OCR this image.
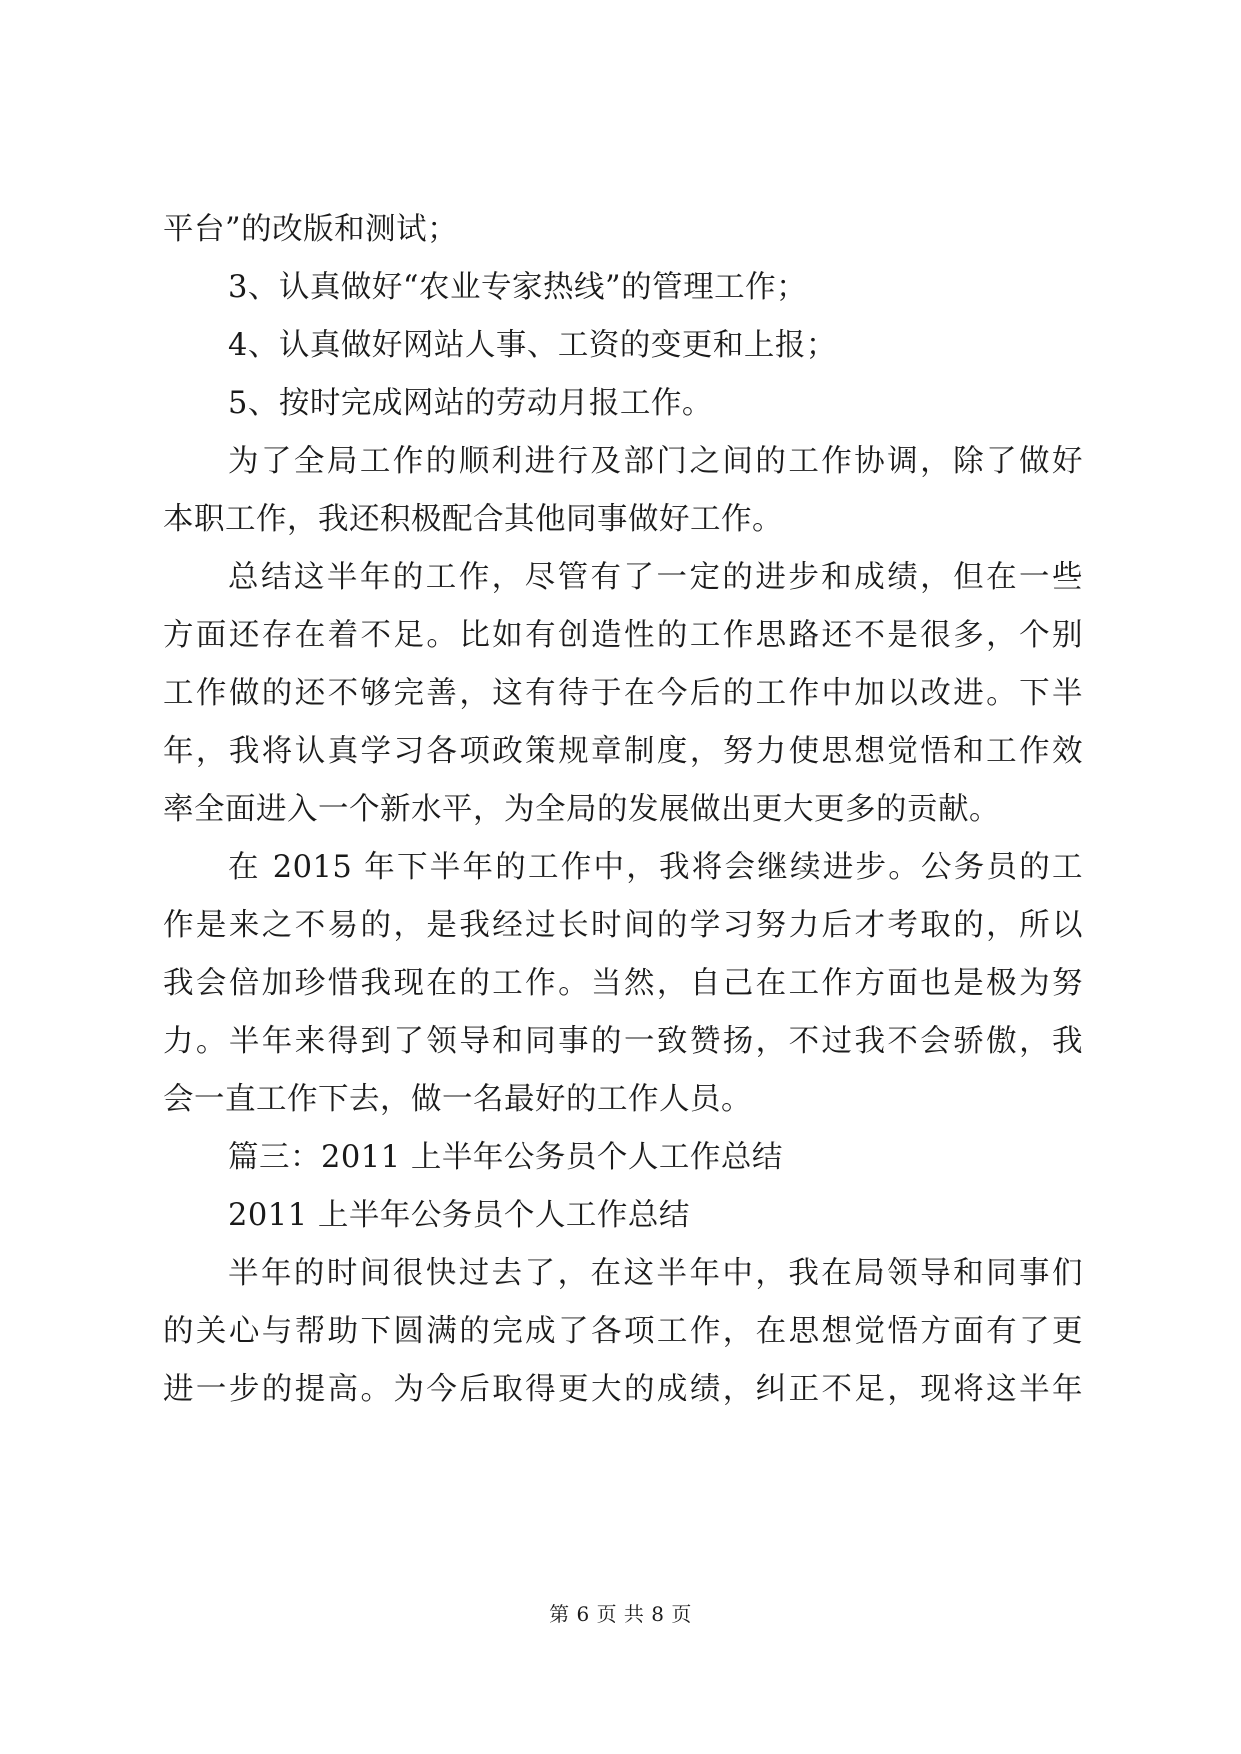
平台”的改版和测试；
3、认真做好“农业专家热线”的管理工作；
4、认真做好网站人事、工资的变更和上报；
5、按时完成网站的劳动月报工作。
为了全局工作的顺利进行及部门之间的工作协调，除了做好
本职工作，我还积极配合其他同事做好工作。
总结这半年的工作，尽管有了一定的进步和成绩，但在一些
方面还存在着不足。比如有创造性的工作思路还不是很多，个别
工作做的还不够完善，这有待于在今后的工作中加以改进。下半
年，我将认真学习各项政策规章制度，努力使思想觉悟和工作效
率全面进入一个新水平，为全局的发展做出更大更多的贡献。
在 2015 年下半年的工作中，我将会继续进步。公务员的工
作是来之不易的，是我经过长时间的学习努力后才考取的，所以
我会倍加珍惜我现在的工作。当然，自己在工作方面也是极为努
力。半年来得到了领导和同事的一致赞扬，不过我不会骄傲，我
会一直工作下去，做一名最好的工作人员。
篇三：2011 上半年公务员个人工作总结
2011 上半年公务员个人工作总结
半年的时间很快过去了，在这半年中，我在局领导和同事们
的关心与帮助下圆满的完成了各项工作，在思想觉悟方面有了更
进一步的提高。为今后取得更大的成绩，纠正不足，现将这半年
第 6 页 共 8 页
